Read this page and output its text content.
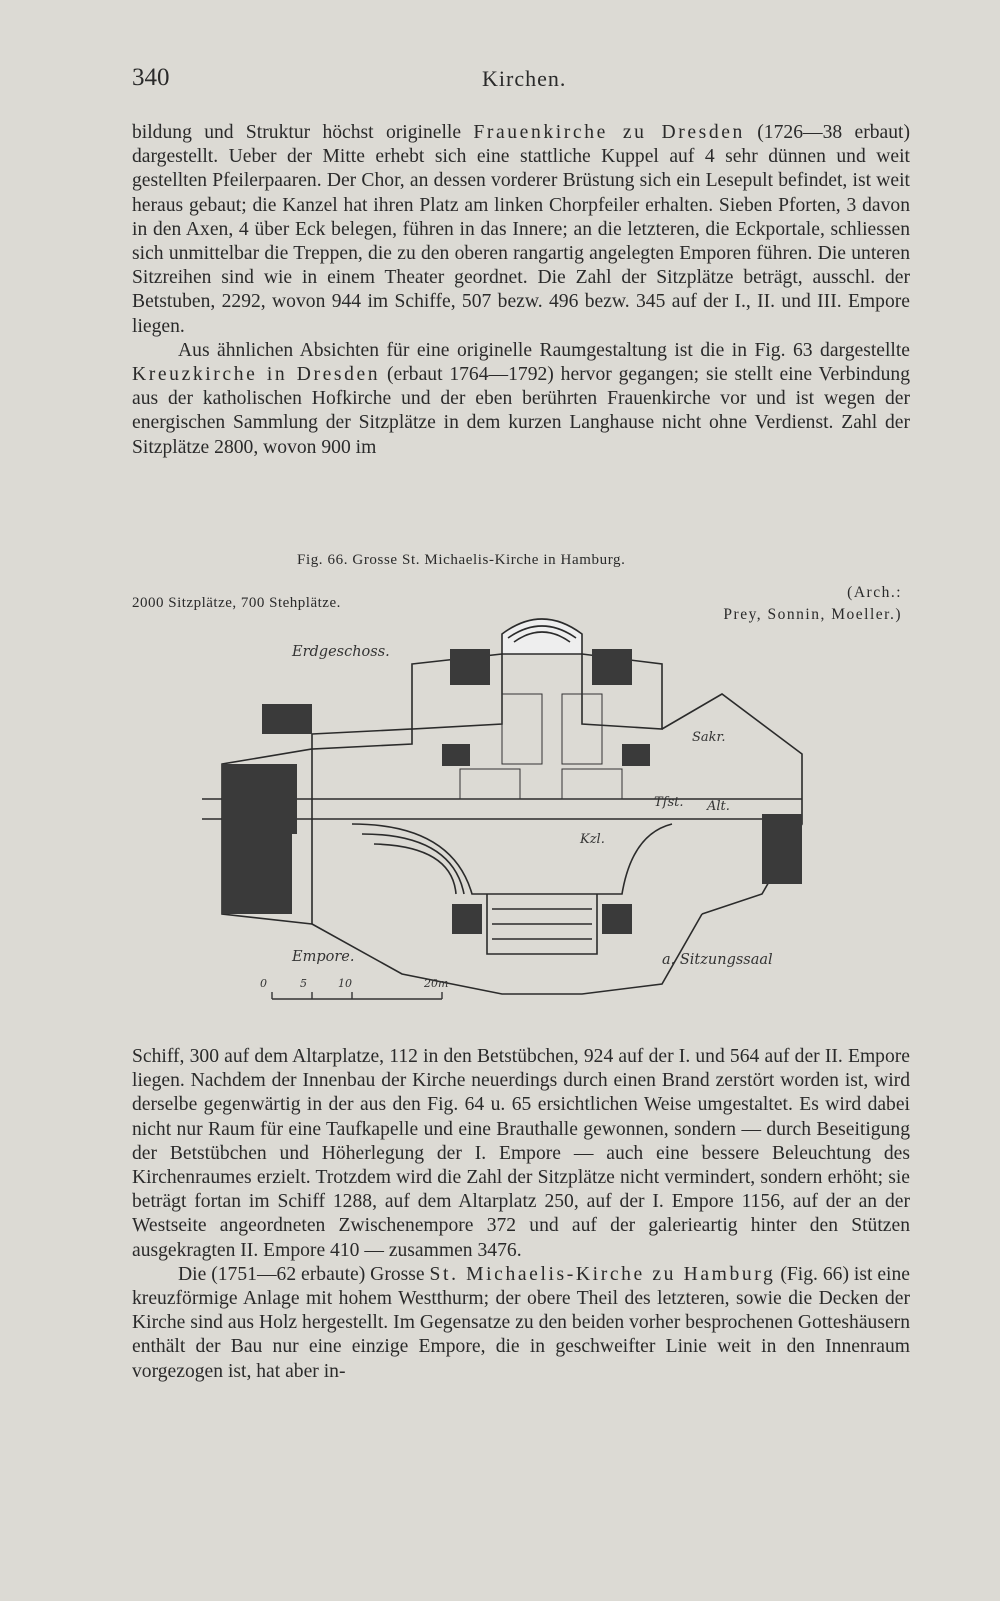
340	Kirchen.

bildung und Struktur höchst originelle Frauenkirche zu Dresden (1726—38 erbaut) dargestellt. Ueber der Mitte erhebt sich eine stattliche Kuppel auf 4 sehr dünnen und weit gestellten Pfeilerpaaren. Der Chor, an dessen vorderer Brüstung sich ein Lesepult befindet, ist weit heraus gebaut; die Kanzel hat ihren Platz am linken Chorpfeiler erhalten. Sieben Pforten, 3 davon in den Axen, 4 über Eck belegen, führen in das Innere; an die letzteren, die Eckportale, schliessen sich unmittelbar die Treppen, die zu den oberen rangartig angelegten Emporen führen. Die unteren Sitzreihen sind wie in einem Theater geordnet. Die Zahl der Sitzplätze beträgt, ausschl. der Betstuben, 2292, wovon 944 im Schiffe, 507 bezw. 496 bezw. 345 auf der I., II. und III. Empore liegen.

Aus ähnlichen Absichten für eine originelle Raumgestaltung ist die in Fig. 63 dargestellte Kreuzkirche in Dresden (erbaut 1764—1792) hervor gegangen; sie stellt eine Verbindung aus der katholischen Hofkirche und der eben berührten Frauenkirche vor und ist wegen der energischen Sammlung der Sitzplätze in dem kurzen Langhause nicht ohne Verdienst. Zahl der Sitzplätze 2800, wovon 900 im

Fig. 66. Grosse St. Michaelis-Kirche in Hamburg.
2000 Sitzplätze, 700 Stehplätze.
(Arch.:
Prey, Sonnin, Moeller.)
Erdgeschoss.
Empore.
Sakr.
Tfst. Alt.
Kzl.
a. Sitzungssaal
0	5	10	20m

Schiff, 300 auf dem Altarplatze, 112 in den Betstübchen, 924 auf der I. und 564 auf der II. Empore liegen. Nachdem der Innenbau der Kirche neuerdings durch einen Brand zerstört worden ist, wird derselbe gegenwärtig in der aus den Fig. 64 u. 65 ersichtlichen Weise umgestaltet. Es wird dabei nicht nur Raum für eine Taufkapelle und eine Brauthalle gewonnen, sondern — durch Beseitigung der Betstübchen und Höherlegung der I. Empore — auch eine bessere Beleuchtung des Kirchenraumes erzielt. Trotzdem wird die Zahl der Sitzplätze nicht vermindert, sondern erhöht; sie beträgt fortan im Schiff 1288, auf dem Altarplatz 250, auf der I. Empore 1156, auf der an der Westseite angeordneten Zwischenempore 372 und auf der galerieartig hinter den Stützen ausgekragten II. Empore 410 — zusammen 3476.

Die (1751—62 erbaute) Grosse St. Michaelis-Kirche zu Hamburg (Fig. 66) ist eine kreuzförmige Anlage mit hohem Westthurm; der obere Theil des letzteren, sowie die Decken der Kirche sind aus Holz hergestellt. Im Gegensatze zu den beiden vorher besprochenen Gotteshäusern enthält der Bau nur eine einzige Empore, die in geschweifter Linie weit in den Innenraum vorgezogen ist, hat aber in-
